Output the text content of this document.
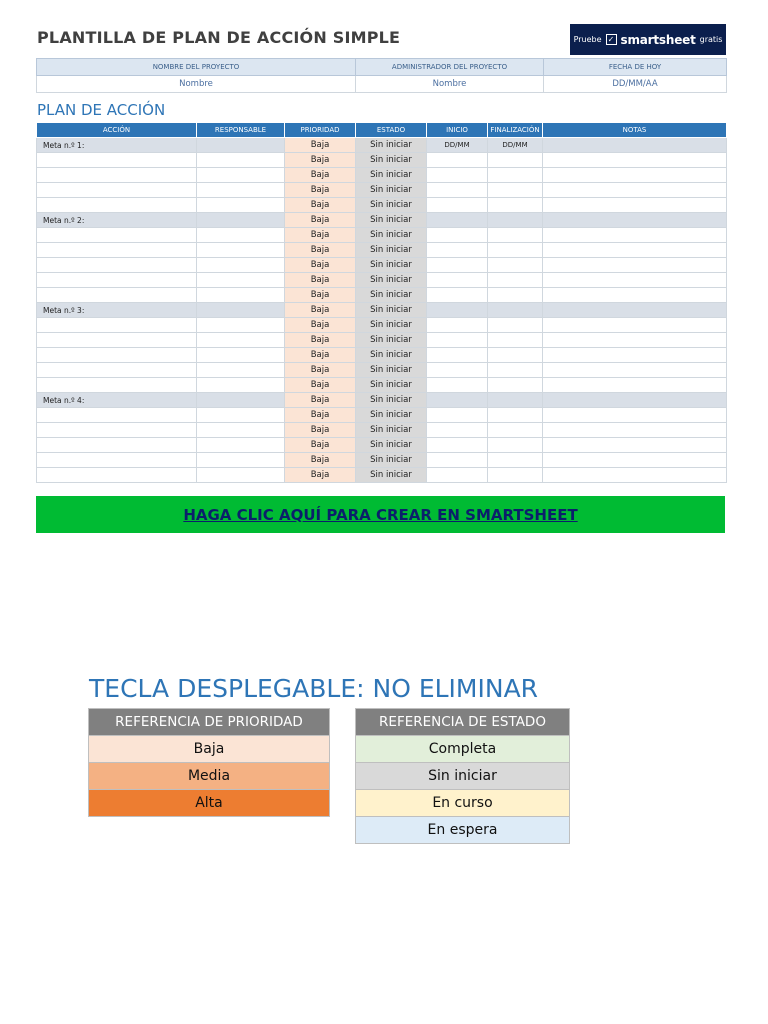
PLANTILLA DE PLAN DE ACCIÓN SIMPLE	Pruebe ✓ smartsheet gratis
NOMBRE DEL PROYECTO	ADMINISTRADOR DEL PROYECTO	FECHA DE HOY
Nombre	Nombre	DD/MM/AA
PLAN DE ACCIÓN
ACCIÓN	RESPONSABLE	PRIORIDAD	ESTADO	INICIO	FINALIZACIÓN	NOTAS
Meta n.º 1:		Baja	Sin iniciar	DD/MM	DD/MM	
		Baja	Sin iniciar			
		Baja	Sin iniciar			
		Baja	Sin iniciar			
		Baja	Sin iniciar			
Meta n.º 2:		Baja	Sin iniciar			
		Baja	Sin iniciar			
		Baja	Sin iniciar			
		Baja	Sin iniciar			
		Baja	Sin iniciar			
		Baja	Sin iniciar			
Meta n.º 3:		Baja	Sin iniciar			
		Baja	Sin iniciar			
		Baja	Sin iniciar			
		Baja	Sin iniciar			
		Baja	Sin iniciar			
		Baja	Sin iniciar			
Meta n.º 4:		Baja	Sin iniciar			
		Baja	Sin iniciar			
		Baja	Sin iniciar			
		Baja	Sin iniciar			
		Baja	Sin iniciar			
		Baja	Sin iniciar			
HAGA CLIC AQUÍ PARA CREAR EN SMARTSHEET
TECLA DESPLEGABLE: NO ELIMINAR
REFERENCIA DE PRIORIDAD
Baja
Media
Alta
REFERENCIA DE ESTADO
Completa
Sin iniciar
En curso
En espera
